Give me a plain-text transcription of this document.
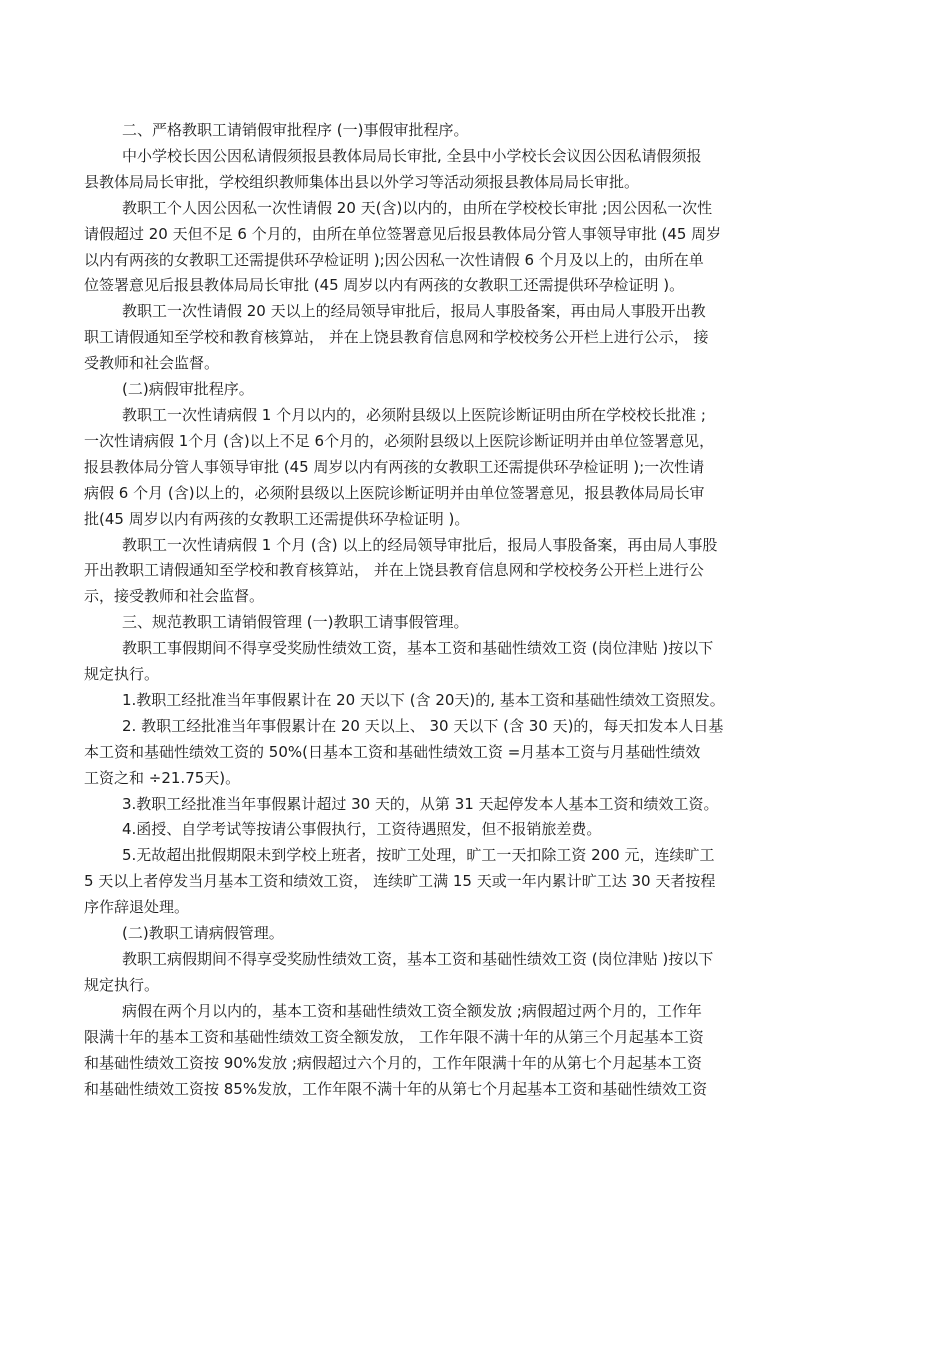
二、严格教职工请销假审批程序 (一)事假审批程序。

中小学校长因公因私请假须报县教体局局长审批, 全县中小学校长会议因公因私请假须报
县教体局局长审批，学校组织教师集体出县以外学习等活动须报县教体局局长审批。

教职工个人因公因私一次性请假 20 天(含)以内的，由所在学校校长审批 ;因公因私一次性
请假超过 20 天但不足 6 个月的，由所在单位签署意见后报县教体局分管人事领导审批 (45 周岁
以内有两孩的女教职工还需提供环孕检证明 );因公因私一次性请假 6 个月及以上的，由所在单
位签署意见后报县教体局局长审批 (45 周岁以内有两孩的女教职工还需提供环孕检证明 )。

教职工一次性请假 20 天以上的经局领导审批后，报局人事股备案，再由局人事股开出教
职工请假通知至学校和教育核算站， 并在上饶县教育信息网和学校校务公开栏上进行公示， 接
受教师和社会监督。

(二)病假审批程序。

教职工一次性请病假 1 个月以内的，必须附县级以上医院诊断证明由所在学校校长批准 ;
一次性请病假 1个月 (含)以上不足 6个月的，必须附县级以上医院诊断证明并由单位签署意见，
报县教体局分管人事领导审批 (45 周岁以内有两孩的女教职工还需提供环孕检证明 );一次性请
病假 6 个月 (含)以上的，必须附县级以上医院诊断证明并由单位签署意见，报县教体局局长审
批(45 周岁以内有两孩的女教职工还需提供环孕检证明 )。

教职工一次性请病假 1 个月 (含) 以上的经局领导审批后，报局人事股备案，再由局人事股
开出教职工请假通知至学校和教育核算站， 并在上饶县教育信息网和学校校务公开栏上进行公
示，接受教师和社会监督。

三、规范教职工请销假管理 (一)教职工请事假管理。

教职工事假期间不得享受奖励性绩效工资，基本工资和基础性绩效工资 (岗位津贴 )按以下
规定执行。

1.教职工经批准当年事假累计在 20 天以下 (含 20天)的, 基本工资和基础性绩效工资照发。

2. 教职工经批准当年事假累计在 20 天以上、 30 天以下 (含 30 天)的，每天扣发本人日基
本工资和基础性绩效工资的 50%(日基本工资和基础性绩效工资 =月基本工资与月基础性绩效
工资之和 ÷21.75天)。

3.教职工经批准当年事假累计超过 30 天的，从第 31 天起停发本人基本工资和绩效工资。

4.函授、自学考试等按请公事假执行，工资待遇照发，但不报销旅差费。

5.无故超出批假期限未到学校上班者，按旷工处理，旷工一天扣除工资 200 元，连续旷工
5 天以上者停发当月基本工资和绩效工资， 连续旷工满 15 天或一年内累计旷工达 30 天者按程
序作辞退处理。

(二)教职工请病假管理。

教职工病假期间不得享受奖励性绩效工资，基本工资和基础性绩效工资 (岗位津贴 )按以下
规定执行。

病假在两个月以内的，基本工资和基础性绩效工资全额发放 ;病假超过两个月的，工作年
限满十年的基本工资和基础性绩效工资全额发放， 工作年限不满十年的从第三个月起基本工资
和基础性绩效工资按 90%发放 ;病假超过六个月的，工作年限满十年的从第七个月起基本工资
和基础性绩效工资按 85%发放，工作年限不满十年的从第七个月起基本工资和基础性绩效工资
